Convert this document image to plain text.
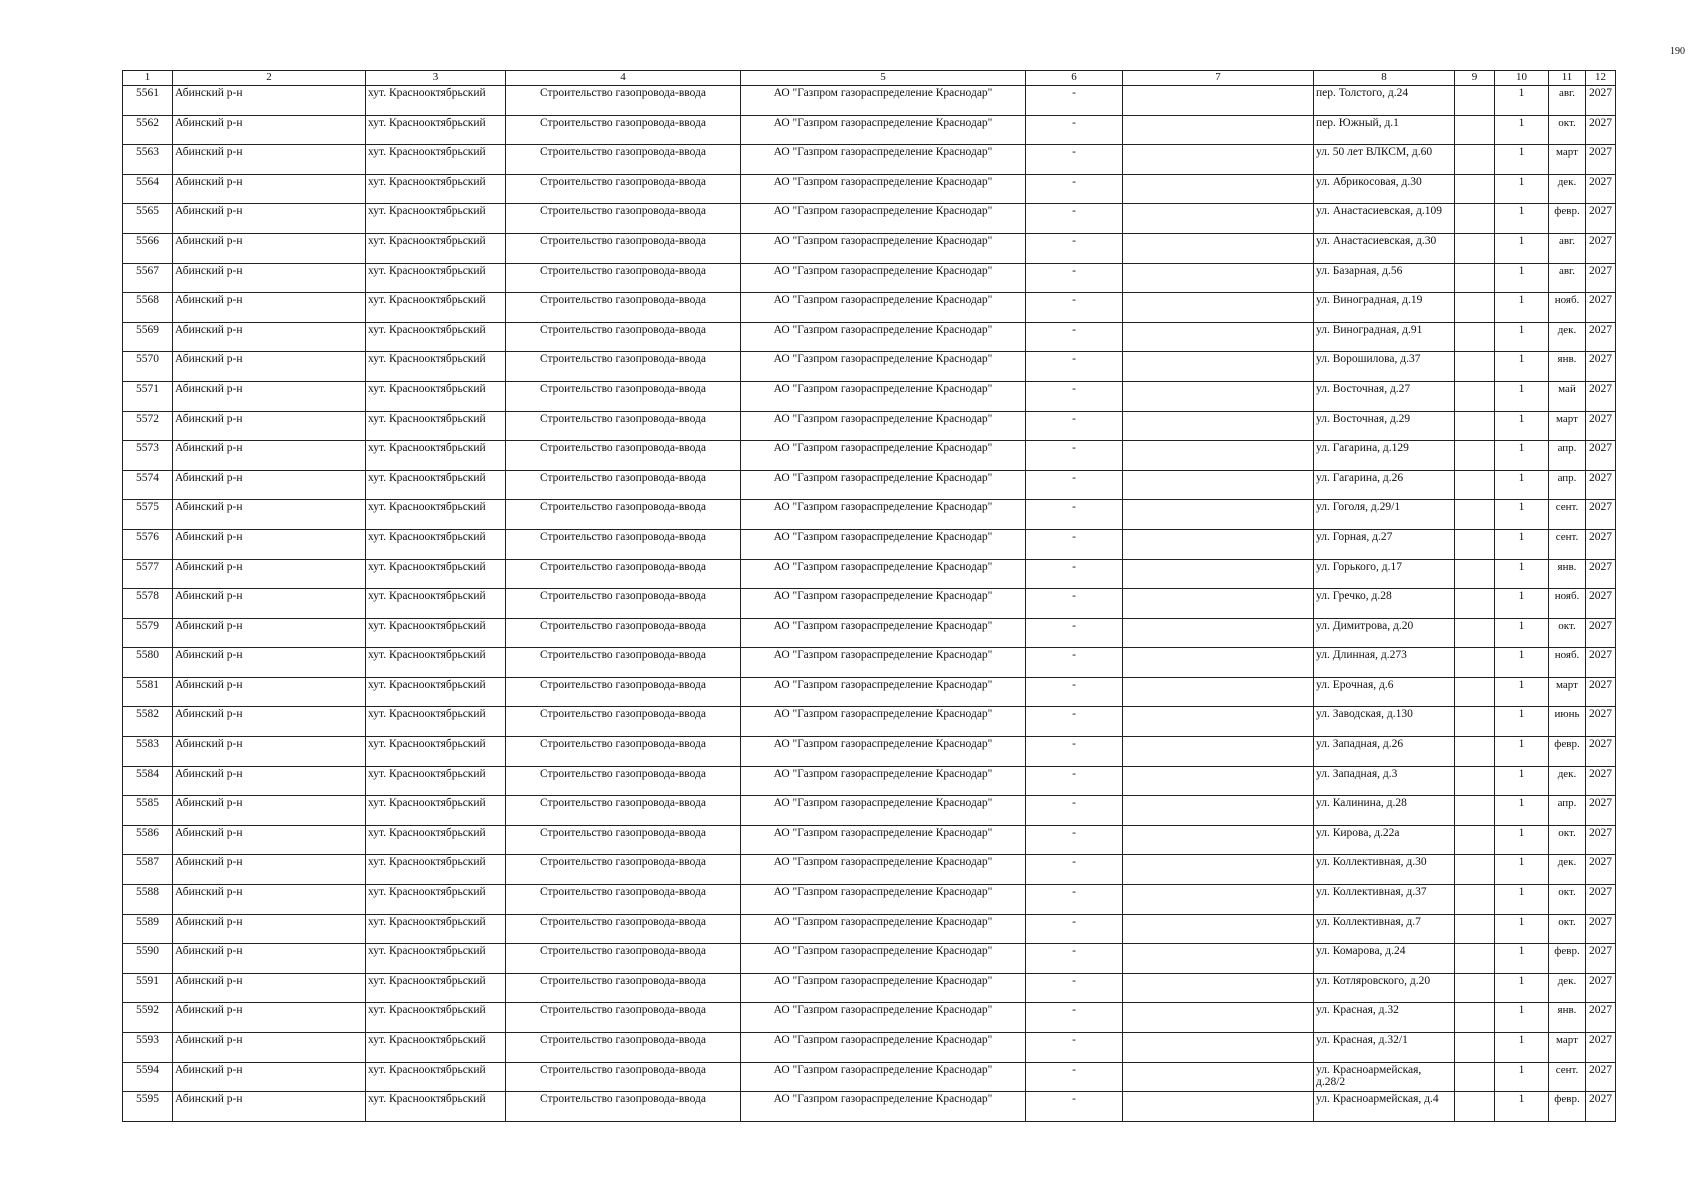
190
1	2	3	4	5	6	7	8	9	10	11	12
5561	Абинский р-н	хут. Краснооктябрьский	Строительство газопровода-ввода	АО "Газпром газораспределение Краснодар"	-		пер. Толстого, д.24		1	авг.	2027
5562	Абинский р-н	хут. Краснооктябрьский	Строительство газопровода-ввода	АО "Газпром газораспределение Краснодар"	-		пер. Южный, д.1		1	окт.	2027
5563	Абинский р-н	хут. Краснооктябрьский	Строительство газопровода-ввода	АО "Газпром газораспределение Краснодар"	-		ул. 50 лет ВЛКСМ, д.60		1	март	2027
5564	Абинский р-н	хут. Краснооктябрьский	Строительство газопровода-ввода	АО "Газпром газораспределение Краснодар"	-		ул. Абрикосовая, д.30		1	дек.	2027
5565	Абинский р-н	хут. Краснооктябрьский	Строительство газопровода-ввода	АО "Газпром газораспределение Краснодар"	-		ул. Анастасиевская, д.109		1	февр.	2027
5566	Абинский р-н	хут. Краснооктябрьский	Строительство газопровода-ввода	АО "Газпром газораспределение Краснодар"	-		ул. Анастасиевская, д.30		1	авг.	2027
5567	Абинский р-н	хут. Краснооктябрьский	Строительство газопровода-ввода	АО "Газпром газораспределение Краснодар"	-		ул. Базарная, д.56		1	авг.	2027
5568	Абинский р-н	хут. Краснооктябрьский	Строительство газопровода-ввода	АО "Газпром газораспределение Краснодар"	-		ул. Виноградная, д.19		1	нояб.	2027
5569	Абинский р-н	хут. Краснооктябрьский	Строительство газопровода-ввода	АО "Газпром газораспределение Краснодар"	-		ул. Виноградная, д.91		1	дек.	2027
5570	Абинский р-н	хут. Краснооктябрьский	Строительство газопровода-ввода	АО "Газпром газораспределение Краснодар"	-		ул. Ворошилова, д.37		1	янв.	2027
5571	Абинский р-н	хут. Краснооктябрьский	Строительство газопровода-ввода	АО "Газпром газораспределение Краснодар"	-		ул. Восточная, д.27		1	май	2027
5572	Абинский р-н	хут. Краснооктябрьский	Строительство газопровода-ввода	АО "Газпром газораспределение Краснодар"	-		ул. Восточная, д.29		1	март	2027
5573	Абинский р-н	хут. Краснооктябрьский	Строительство газопровода-ввода	АО "Газпром газораспределение Краснодар"	-		ул. Гагарина, д.129		1	апр.	2027
5574	Абинский р-н	хут. Краснооктябрьский	Строительство газопровода-ввода	АО "Газпром газораспределение Краснодар"	-		ул. Гагарина, д.26		1	апр.	2027
5575	Абинский р-н	хут. Краснооктябрьский	Строительство газопровода-ввода	АО "Газпром газораспределение Краснодар"	-		ул. Гоголя, д.29/1		1	сент.	2027
5576	Абинский р-н	хут. Краснооктябрьский	Строительство газопровода-ввода	АО "Газпром газораспределение Краснодар"	-		ул. Горная, д.27		1	сент.	2027
5577	Абинский р-н	хут. Краснооктябрьский	Строительство газопровода-ввода	АО "Газпром газораспределение Краснодар"	-		ул. Горького, д.17		1	янв.	2027
5578	Абинский р-н	хут. Краснооктябрьский	Строительство газопровода-ввода	АО "Газпром газораспределение Краснодар"	-		ул. Гречко, д.28		1	нояб.	2027
5579	Абинский р-н	хут. Краснооктябрьский	Строительство газопровода-ввода	АО "Газпром газораспределение Краснодар"	-		ул. Димитрова, д.20		1	окт.	2027
5580	Абинский р-н	хут. Краснооктябрьский	Строительство газопровода-ввода	АО "Газпром газораспределение Краснодар"	-		ул. Длинная, д.273		1	нояб.	2027
5581	Абинский р-н	хут. Краснооктябрьский	Строительство газопровода-ввода	АО "Газпром газораспределение Краснодар"	-		ул. Ерочная, д.6		1	март	2027
5582	Абинский р-н	хут. Краснооктябрьский	Строительство газопровода-ввода	АО "Газпром газораспределение Краснодар"	-		ул. Заводская, д.130		1	июнь	2027
5583	Абинский р-н	хут. Краснооктябрьский	Строительство газопровода-ввода	АО "Газпром газораспределение Краснодар"	-		ул. Западная, д.26		1	февр.	2027
5584	Абинский р-н	хут. Краснооктябрьский	Строительство газопровода-ввода	АО "Газпром газораспределение Краснодар"	-		ул. Западная, д.3		1	дек.	2027
5585	Абинский р-н	хут. Краснооктябрьский	Строительство газопровода-ввода	АО "Газпром газораспределение Краснодар"	-		ул. Калинина, д.28		1	апр.	2027
5586	Абинский р-н	хут. Краснооктябрьский	Строительство газопровода-ввода	АО "Газпром газораспределение Краснодар"	-		ул. Кирова, д.22а		1	окт.	2027
5587	Абинский р-н	хут. Краснооктябрьский	Строительство газопровода-ввода	АО "Газпром газораспределение Краснодар"	-		ул. Коллективная, д.30		1	дек.	2027
5588	Абинский р-н	хут. Краснооктябрьский	Строительство газопровода-ввода	АО "Газпром газораспределение Краснодар"	-		ул. Коллективная, д.37		1	окт.	2027
5589	Абинский р-н	хут. Краснооктябрьский	Строительство газопровода-ввода	АО "Газпром газораспределение Краснодар"	-		ул. Коллективная, д.7		1	окт.	2027
5590	Абинский р-н	хут. Краснооктябрьский	Строительство газопровода-ввода	АО "Газпром газораспределение Краснодар"	-		ул. Комарова, д.24		1	февр.	2027
5591	Абинский р-н	хут. Краснооктябрьский	Строительство газопровода-ввода	АО "Газпром газораспределение Краснодар"	-		ул. Котляровского, д.20		1	дек.	2027
5592	Абинский р-н	хут. Краснооктябрьский	Строительство газопровода-ввода	АО "Газпром газораспределение Краснодар"	-		ул. Красная, д.32		1	янв.	2027
5593	Абинский р-н	хут. Краснооктябрьский	Строительство газопровода-ввода	АО "Газпром газораспределение Краснодар"	-		ул. Красная, д.32/1		1	март	2027
5594	Абинский р-н	хут. Краснооктябрьский	Строительство газопровода-ввода	АО "Газпром газораспределение Краснодар"	-		ул. Красноармейская, д.28/2		1	сент.	2027
5595	Абинский р-н	хут. Краснооктябрьский	Строительство газопровода-ввода	АО "Газпром газораспределение Краснодар"	-		ул. Красноармейская, д.4		1	февр.	2027
